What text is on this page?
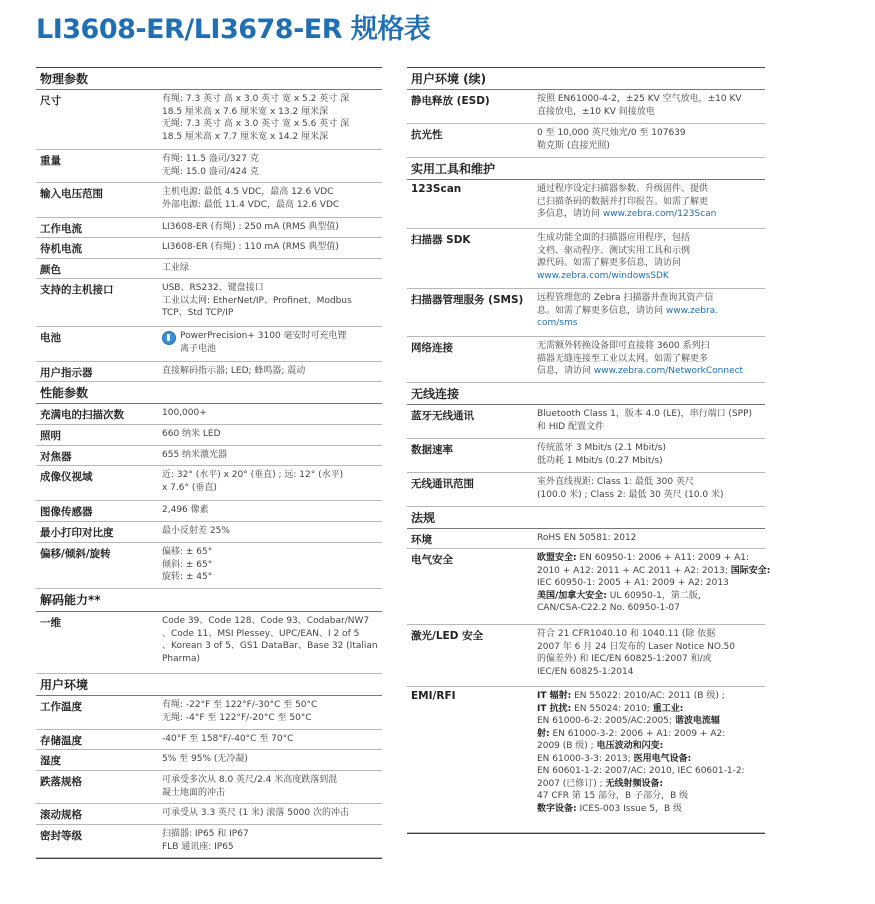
LI3608-ER/LI3678-ER 规格表
物理参数
尺寸	有绳: 7.3 英寸 高 x 3.0 英寸 宽 x 5.2 英寸 深
18.5 厘米高 x 7.6 厘米宽 x 13.2 厘米深
无绳: 7.3 英寸 高 x 3.0 英寸 宽 x 5.6 英寸 深
18.5 厘米高 x 7.7 厘米宽 x 14.2 厘米深
重量	有绳: 11.5 盎司/327 克
无绳: 15.0 盎司/424 克
输入电压范围	主机电源: 最低 4.5 VDC，最高 12.6 VDC
外部电源: 最低 11.4 VDC，最高 12.6 VDC
工作电流	LI3608-ER (有绳) : 250 mA (RMS 典型值)
待机电流	LI3608-ER (有绳) : 110 mA (RMS 典型值)
颜色	工业绿
支持的主机接口	USB、RS232、键盘接口
工业以太网: EtherNet/IP、Profinet、Modbus
TCP、Std TCP/IP
电池	PowerPrecision+ 3100 毫安时可充电锂
离子电池
用户指示器	直接解码指示器; LED; 蜂鸣器; 震动
性能参数
充满电的扫描次数	100,000+
照明	660 纳米 LED
对焦器	655 纳米激光器
成像仪视域	近: 32° (水平) x 20° (垂直) ; 远: 12° (水平)
x 7.6° (垂直)
图像传感器	2,496 像素
最小打印对比度	最小反射差 25%
偏移/倾斜/旋转	偏移: ± 65°
倾斜: ± 65°
旋转: ± 45°
解码能力**
一维	Code 39、Code 128、Code 93、Codabar/NW7
、Code 11、MSI Plessey、UPC/EAN、I 2 of 5
、Korean 3 of 5、GS1 DataBar、Base 32 (Italian
Pharma)
用户环境
工作温度	有绳: -22°F 至 122°F/-30°C 至 50°C
无绳: -4°F 至 122°F/-20°C 至 50°C
存储温度	-40°F 至 158°F/-40°C 至 70°C
湿度	5% 至 95% (无冷凝)
跌落规格	可承受多次从 8.0 英尺/2.4 米高度跌落到混
凝土地面的冲击
滚动规格	可承受从 3.3 英尺 (1 米) 滚落 5000 次的冲击
密封等级	扫描器: IP65 和 IP67
FLB 通讯座: IP65
用户环境 (续)
静电释放 (ESD)	按照 EN61000-4-2，±25 KV 空气放电，±10 KV
直接放电，±10 KV 间接放电
抗光性	0 至 10,000 英尺烛光/0 至 107639
勒克斯 (直接光照)
实用工具和维护
123Scan	通过程序设定扫描器参数、升级固件、提供
已扫描条码的数据并打印报告。如需了解更
多信息，请访问 www.zebra.com/123Scan
扫描器 SDK	生成功能全面的扫描器应用程序，包括
文档、驱动程序、测试实用工具和示例
源代码。如需了解更多信息，请访问
www.zebra.com/windowsSDK
扫描器管理服务 (SMS)	远程管理您的 Zebra 扫描器并查询其资产信
息。如需了解更多信息，请访问 www.zebra.
com/sms
网络连接	无需额外转换设备即可直接将 3600 系列扫
描器无缝连接至工业以太网。如需了解更多
信息，请访问 www.zebra.com/NetworkConnect
无线连接
蓝牙无线通讯	Bluetooth Class 1，版本 4.0 (LE)，串行端口 (SPP)
和 HID 配置文件
数据速率	传统蓝牙 3 Mbit/s (2.1 Mbit/s)
低功耗 1 Mbit/s (0.27 Mbit/s)
无线通讯范围	室外直线视距: Class 1: 最低 300 英尺
(100.0 米) ; Class 2: 最低 30 英尺 (10.0 米)
法规
环境	RoHS EN 50581: 2012
电气安全	欧盟安全: EN 60950-1: 2006 + A11: 2009 + A1:
2010 + A12: 2011 + AC 2011 + A2: 2013; 国际安全:
IEC 60950-1: 2005 + A1: 2009 + A2: 2013
美国/加拿大安全: UL 60950-1，第二版，
CAN/CSA-C22.2 No. 60950-1-07
激光/LED 安全	符合 21 CFR1040.10 和 1040.11 (除 依据
2007 年 6 月 24 日发布的 Laser Notice NO.50
的偏差外) 和 IEC/EN 60825-1:2007 和/或
IEC/EN 60825-1:2014
EMI/RFI	IT 辐射: EN 55022: 2010/AC: 2011 (B 级) ;
IT 抗扰: EN 55024: 2010; 重工业:
EN 61000-6-2: 2005/AC:2005; 谐波电流辐
射: EN 61000-3-2: 2006 + A1: 2009 + A2:
2009 (B 级) ; 电压波动和闪变:
EN 61000-3-3: 2013; 医用电气设备:
EN 60601-1-2: 2007/AC: 2010, IEC 60601-1-2:
2007 (已修订) ; 无线射频设备:
47 CFR 第 15 部分，B 子部分，B 级
数字设备: ICES-003 Issue 5，B 级
